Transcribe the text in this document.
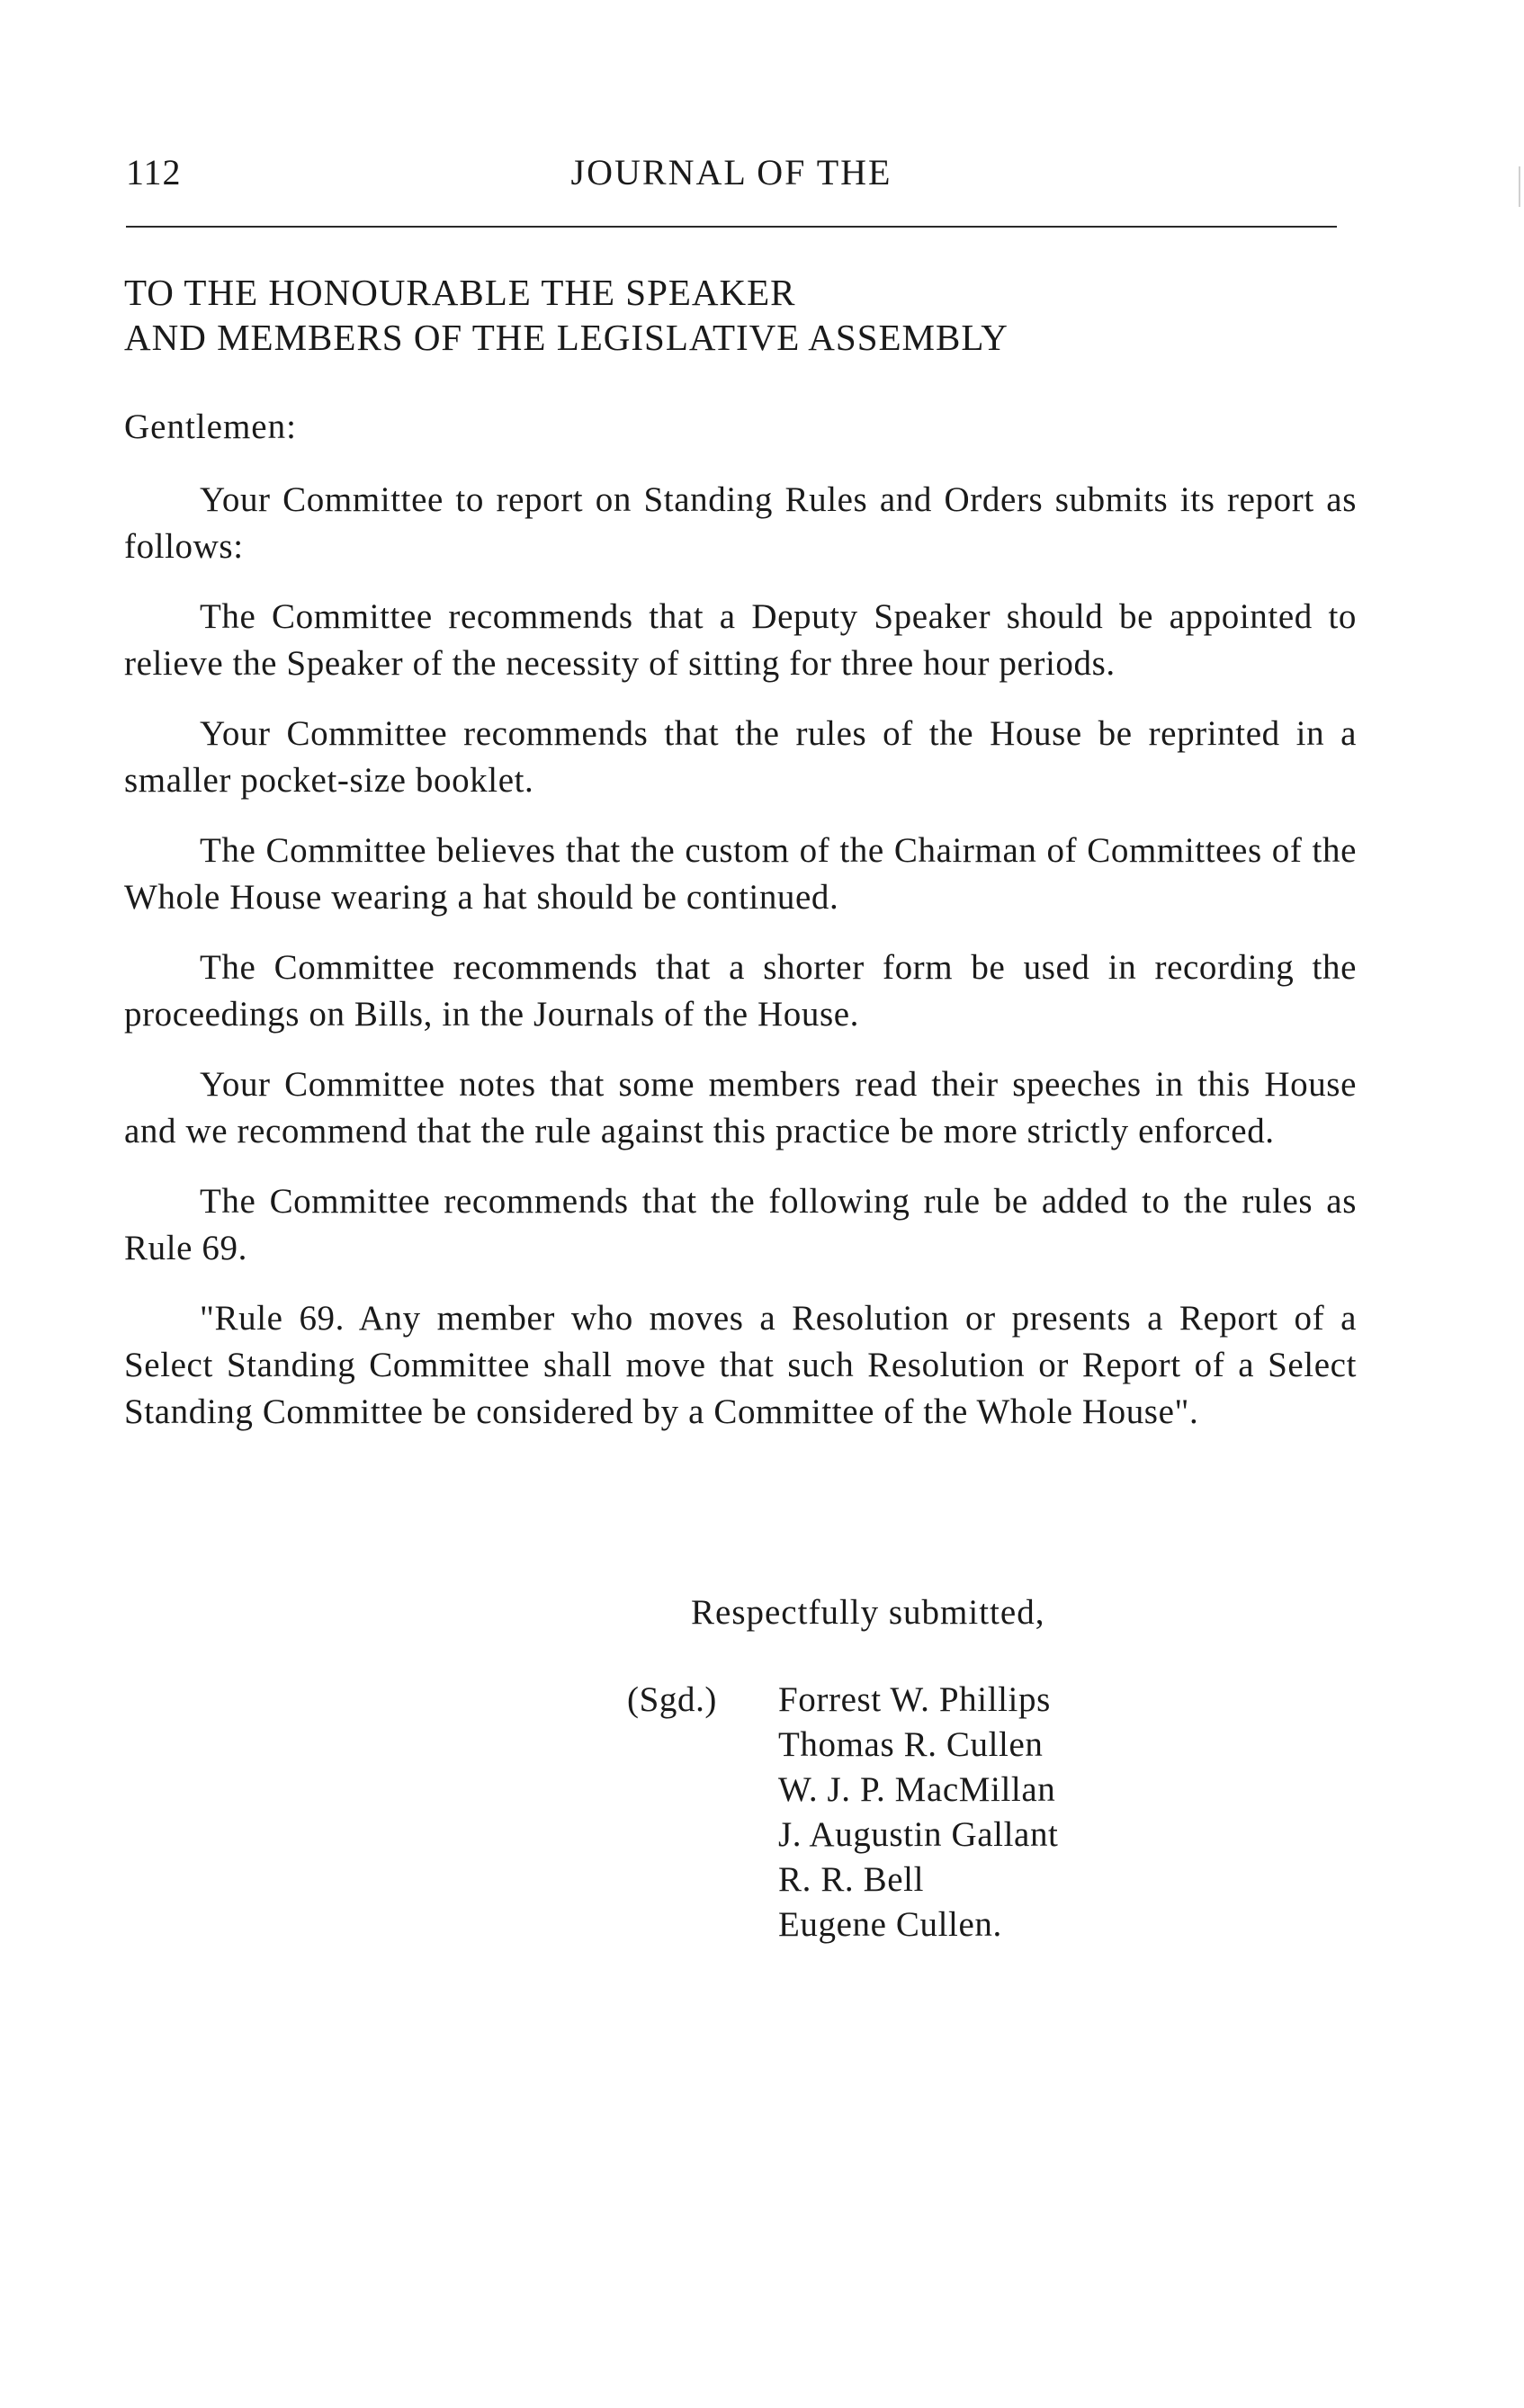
112	JOURNAL OF THE
TO THE HONOURABLE THE SPEAKER
AND MEMBERS OF THE LEGISLATIVE ASSEMBLY
Gentlemen:

Your Committee to report on Standing Rules and Orders submits its report as follows:

The Committee recommends that a Deputy Speaker should be appointed to relieve the Speaker of the necessity of sitting for three hour periods.

Your Committee recommends that the rules of the House be reprinted in a smaller pocket-size booklet.

The Committee believes that the custom of the Chairman of Committees of the Whole House wearing a hat should be continued.

The Committee recommends that a shorter form be used in recording the proceedings on Bills, in the Journals of the House.

Your Committee notes that some members read their speeches in this House and we recommend that the rule against this practice be more strictly enforced.

The Committee recommends that the following rule be added to the rules as Rule 69.

"Rule 69. Any member who moves a Resolution or presents a Report of a Select Standing Committee shall move that such Resolution or Report of a Select Standing Committee be considered by a Committee of the Whole House".

Respectfully submitted,
(Sgd.) Forrest W. Phillips
Thomas R. Cullen
W. J. P. MacMillan
J. Augustin Gallant
R. R. Bell
Eugene Cullen.
